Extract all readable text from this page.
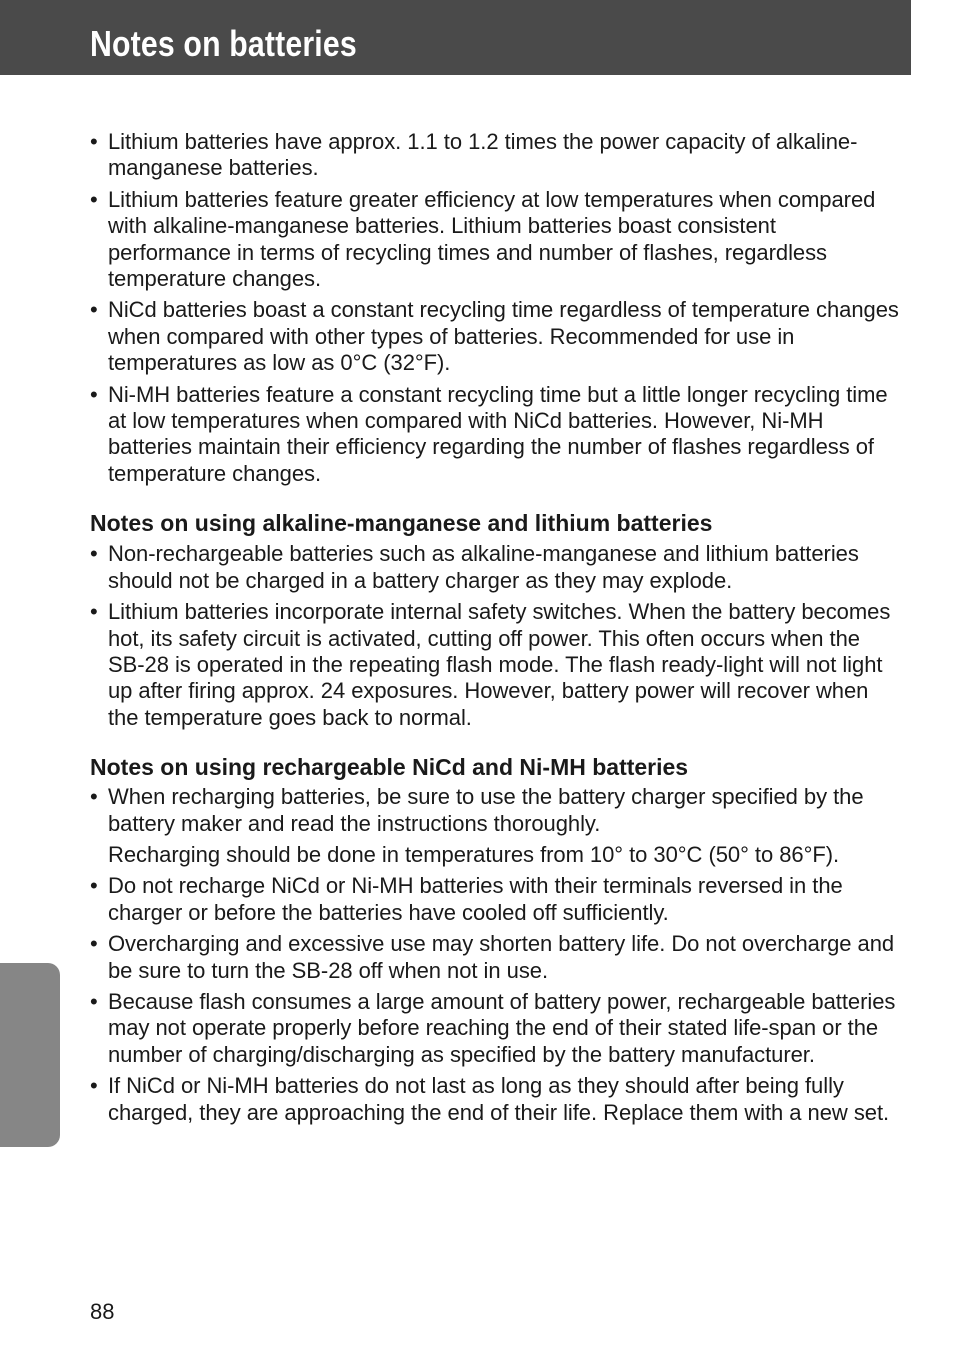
Notes on batteries
• Lithium batteries have approx. 1.1 to 1.2 times the power capacity of alkaline-manganese batteries.
• Lithium batteries feature greater efficiency at low temperatures when compared with alkaline-manganese batteries. Lithium batteries boast consistent performance in terms of recycling times and number of flashes, regardless temperature changes.
• NiCd batteries boast a constant recycling time regardless of temperature changes when compared with other types of batteries. Recommended for use in temperatures as low as 0°C (32°F).
• Ni-MH batteries feature a constant recycling time but a little longer recycling time at low temperatures when compared with NiCd batteries. However, Ni-MH batteries maintain their efficiency regarding the number of flashes regardless of temperature changes.
Notes on using alkaline-manganese and lithium batteries
• Non-rechargeable batteries such as alkaline-manganese and lithium batteries should not be charged in a battery charger as they may explode.
• Lithium batteries incorporate internal safety switches. When the battery becomes hot, its safety circuit is activated, cutting off power. This often occurs when the SB-28 is operated in the repeating flash mode. The flash ready-light will not light up after firing approx. 24 exposures. However, battery power will recover when the temperature goes back to normal.
Notes on using rechargeable NiCd and Ni-MH batteries
• When recharging batteries, be sure to use the battery charger specified by the battery maker and read the instructions thoroughly.
Recharging should be done in temperatures from 10° to 30°C (50° to 86°F).
• Do not recharge NiCd or Ni-MH batteries with their terminals reversed in the charger or before the batteries have cooled off sufficiently.
• Overcharging and excessive use may shorten battery life. Do not overcharge and be sure to turn the SB-28 off when not in use.
• Because flash consumes a large amount of battery power, rechargeable batteries may not operate properly before reaching the end of their stated life-span or the number of charging/discharging as specified by the battery manufacturer.
• If NiCd or Ni-MH batteries do not last as long as they should after being fully charged, they are approaching the end of their life. Replace them with a new set.
88
